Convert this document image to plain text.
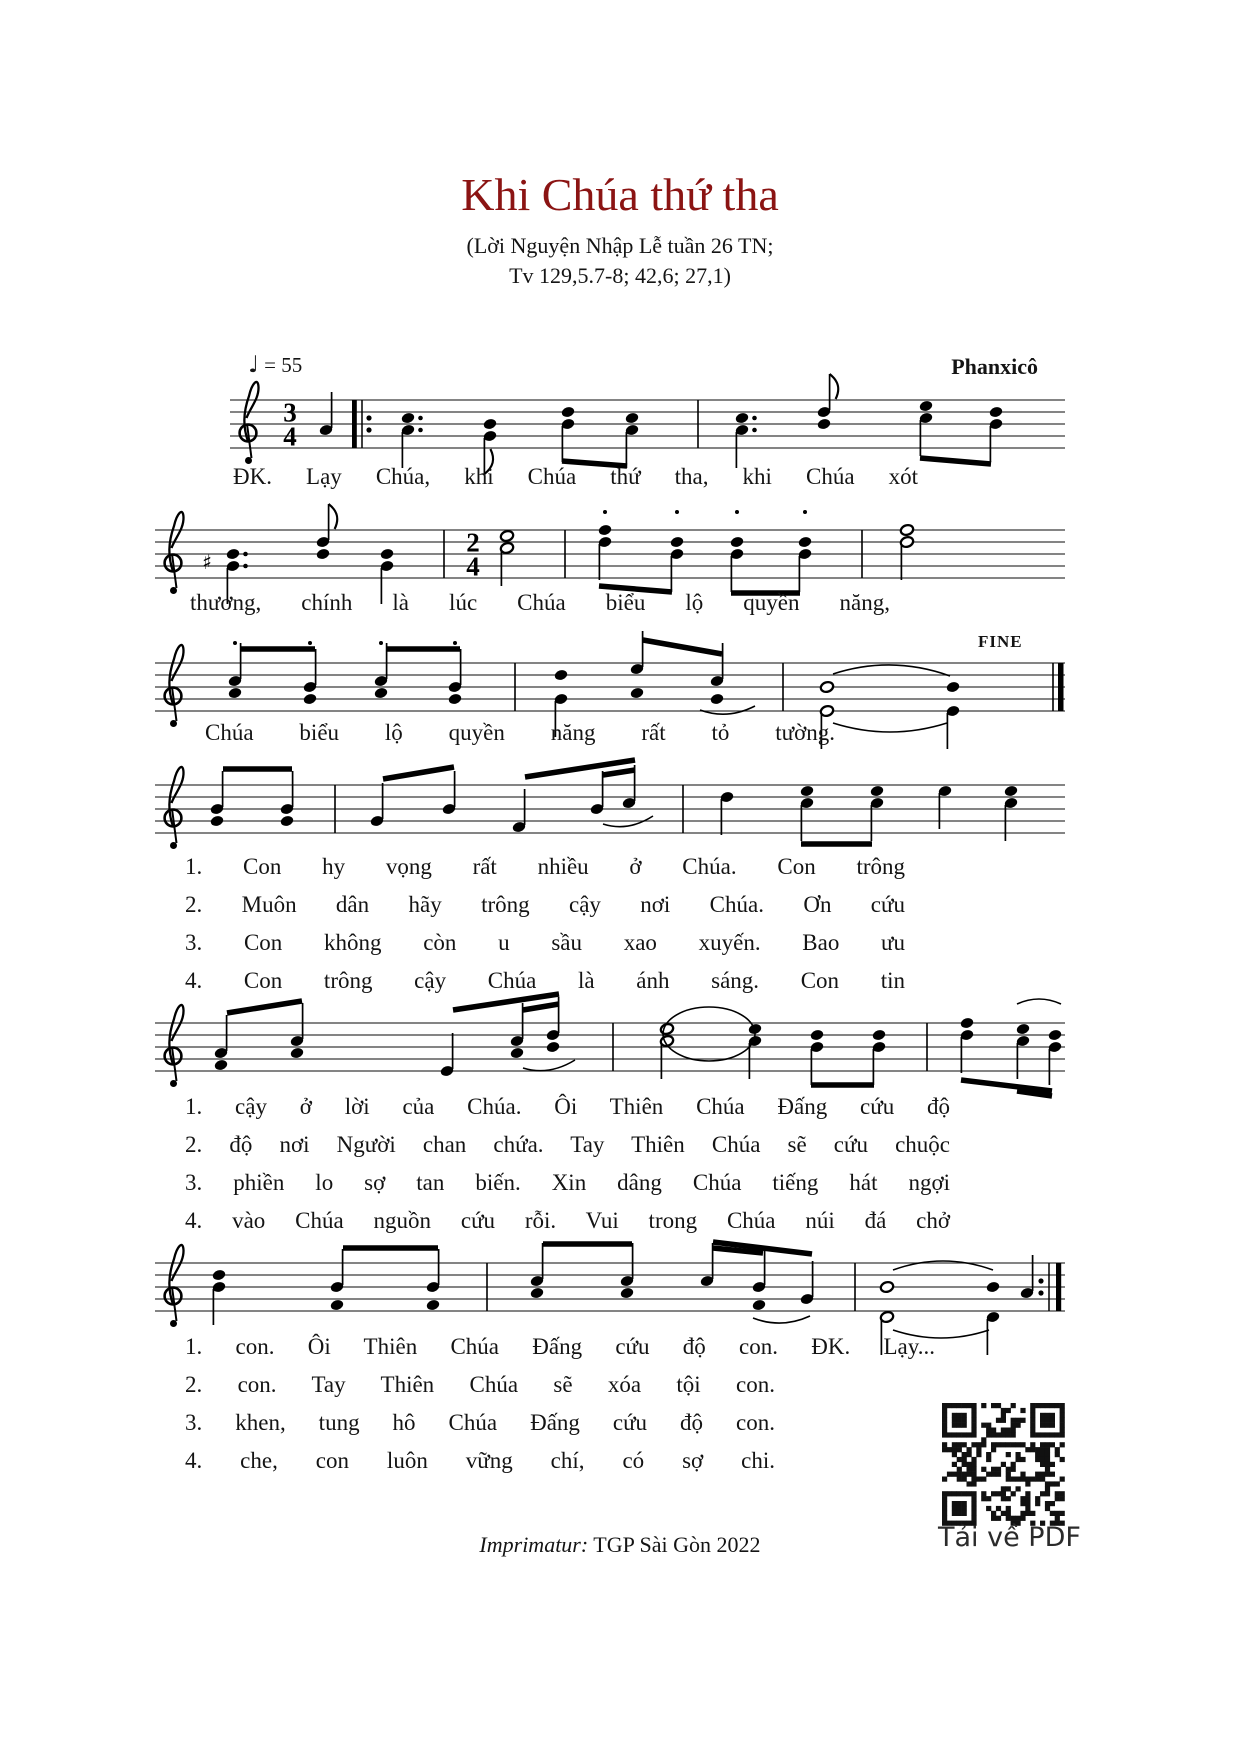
Khi Chúa thứ tha
(Lời Nguyện Nhập Lễ tuần 26 TN;
Tv 129,5.7-8; 42,6; 27,1)
♩ = 55	Phanxicô
FINE
3
4
♯
2
4
ĐK. Lạy Chúa, khi Chúa thứ tha, khi Chúa xót
thương, chính là lúc Chúa biểu lộ quyền năng,
Chúa biểu lộ quyền năng rất tỏ tường.
1. Con hy vọng rất nhiều ở Chúa. Con trông
2. Muôn dân hãy trông cậy nơi Chúa. Ơn cứu
3. Con không còn u sầu xao xuyến. Bao ưu
4. Con trông cậy Chúa là ánh sáng. Con tin
1. cậy ở lời của Chúa. Ôi Thiên Chúa Đấng cứu độ
2. độ nơi Người chan chứa. Tay Thiên Chúa sẽ cứu chuộc
3. phiền lo sợ tan biến. Xin dâng Chúa tiếng hát ngợi
4. vào Chúa nguồn cứu rỗi. Vui trong Chúa núi đá chở
1. con. Ôi Thiên Chúa Đấng cứu độ con. ĐK. Lạy...
2. con. Tay Thiên Chúa sẽ xóa tội con.
3. khen, tung hô Chúa Đấng cứu độ con.
4. che, con luôn vững chí, có sợ chi.
Tải về PDF
Imprimatur: TGP Sài Gòn 2022
